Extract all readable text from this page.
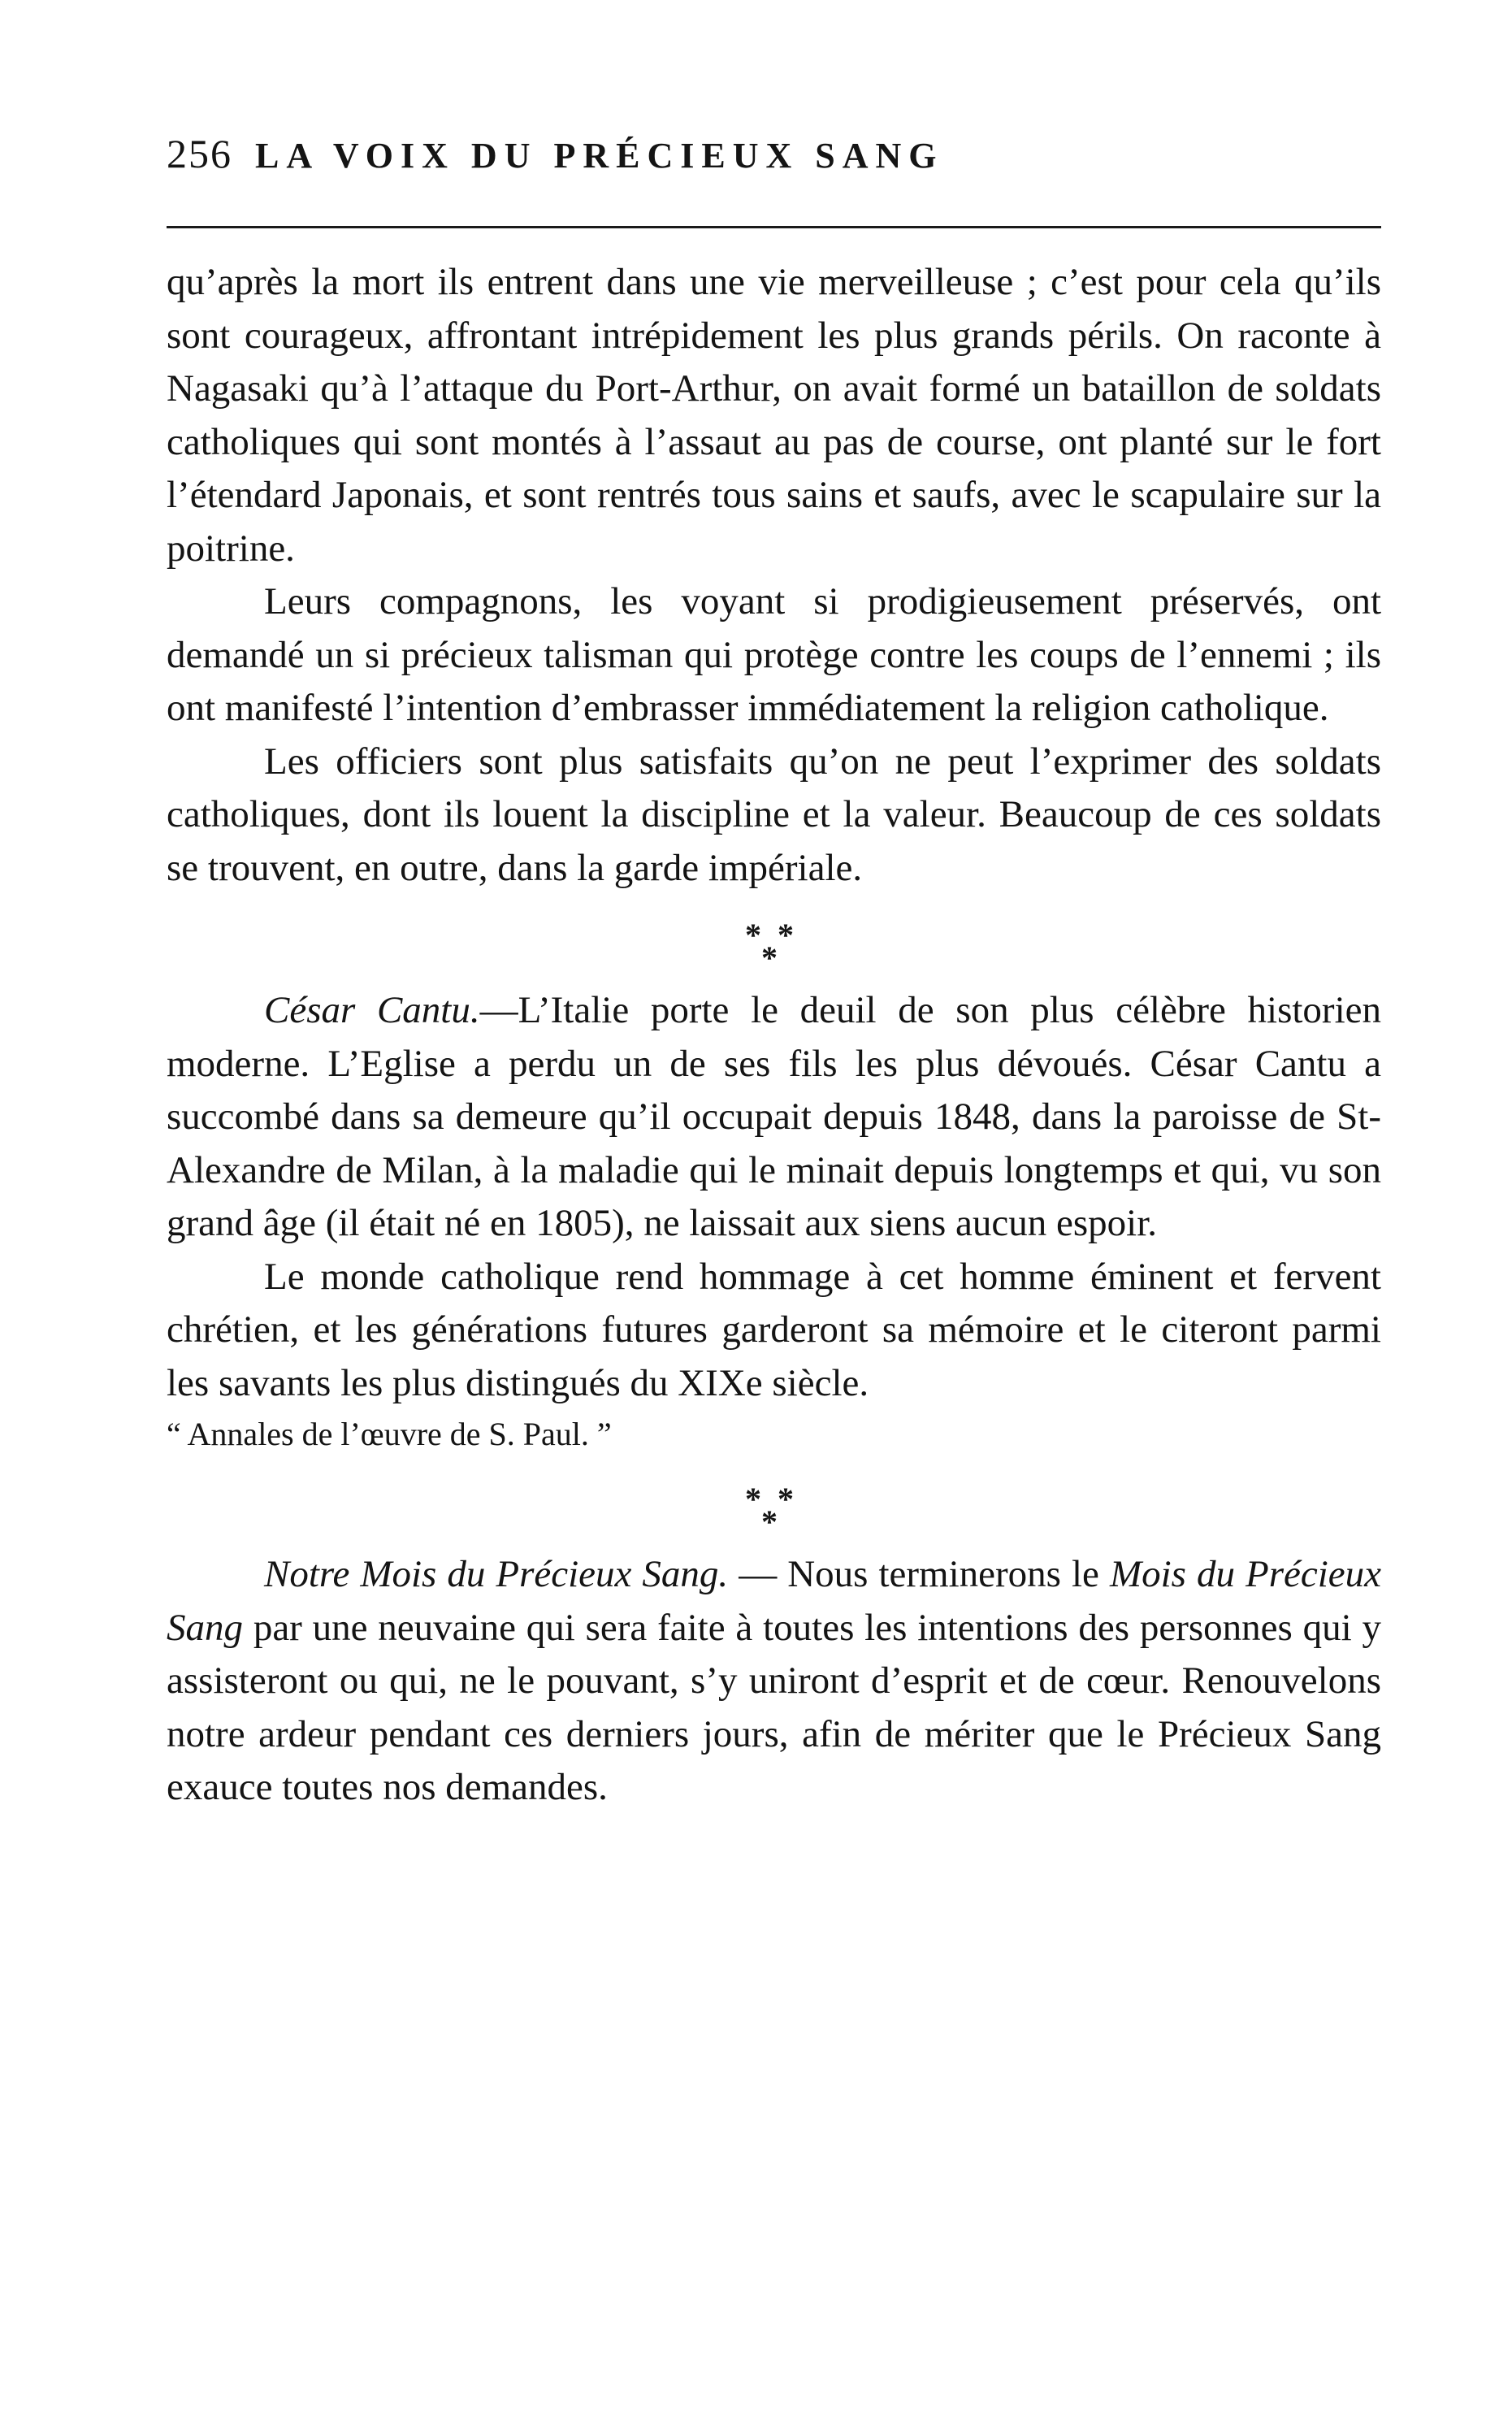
256 LA VOIX DU PRÉCIEUX SANG

qu’après la mort ils entrent dans une vie merveilleuse ; c’est pour cela qu’ils sont courageux, affrontant intrépidement les plus grands périls. On raconte à Nagasaki qu’à l’attaque du Port-Arthur, on avait formé un bataillon de soldats catholiques qui sont montés à l’assaut au pas de course, ont planté sur le fort l’étendard Japonais, et sont rentrés tous sains et saufs, avec le scapulaire sur la poitrine.

Leurs compagnons, les voyant si prodigieusement préservés, ont demandé un si précieux talisman qui protège contre les coups de l’ennemi ; ils ont manifesté l’intention d’embrasser immédiatement la religion catholique.

Les officiers sont plus satisfaits qu’on ne peut l’exprimer des soldats catholiques, dont ils louent la discipline et la valeur. Beaucoup de ces soldats se trouvent, en outre, dans la garde impériale.

* *
*

César Cantu.—L’Italie porte le deuil de son plus célèbre historien moderne. L’Eglise a perdu un de ses fils les plus dévoués. César Cantu a succombé dans sa demeure qu’il occupait depuis 1848, dans la paroisse de St-Alexandre de Milan, à la maladie qui le minait depuis longtemps et qui, vu son grand âge (il était né en 1805), ne laissait aux siens aucun espoir.

Le monde catholique rend hommage à cet homme éminent et fervent chrétien, et les générations futures garderont sa mémoire et le citeront parmi les savants les plus distingués du XIXe siècle.

“ Annales de l’œuvre de S. Paul. ”

* *
*

Notre Mois du Précieux Sang. — Nous terminerons le Mois du Précieux Sang par une neuvaine qui sera faite à toutes les intentions des personnes qui y assisteront ou qui, ne le pouvant, s’y uniront d’esprit et de cœur. Renouvelons notre ardeur pendant ces derniers jours, afin de mériter que le Précieux Sang exauce toutes nos demandes.
